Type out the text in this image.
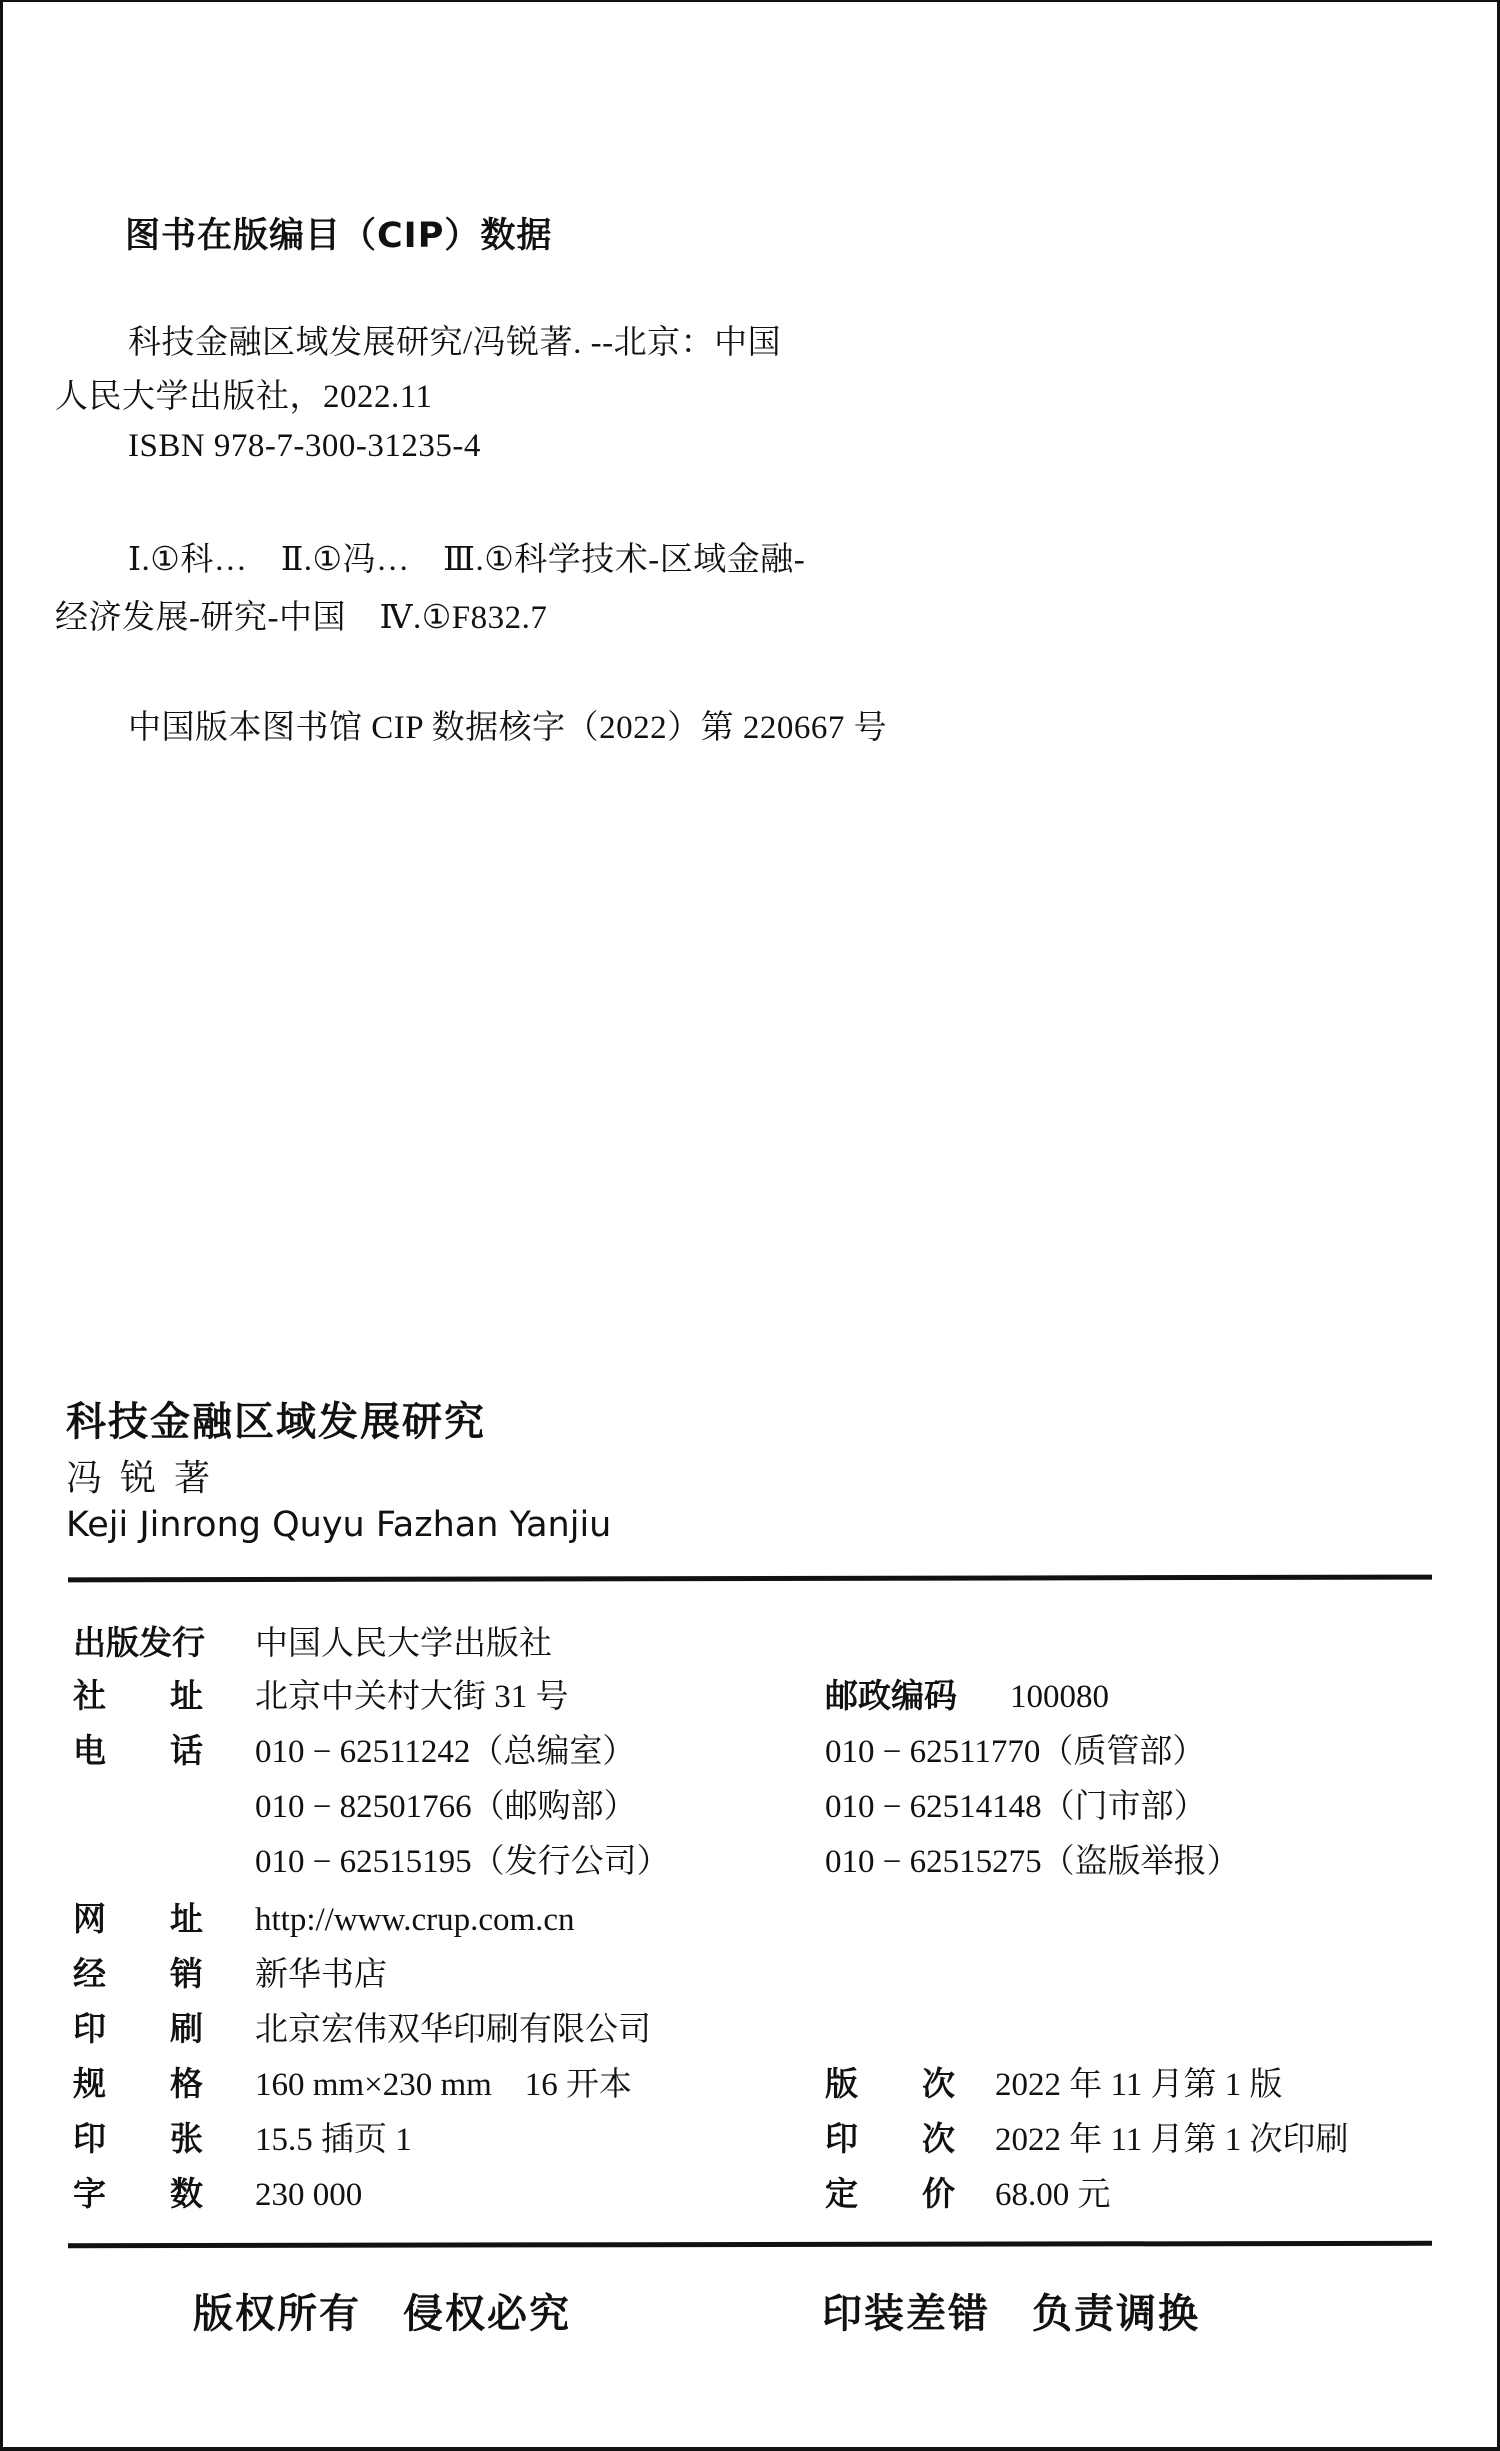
图书在版编目（CIP）数据
科技金融区域发展研究/冯锐著. --北京：中国
人民大学出版社，2022.11
ISBN 978-7-300-31235-4
Ⅰ.①科…　Ⅱ.①冯…　Ⅲ.①科学技术-区域金融-
经济发展-研究-中国　Ⅳ.①F832.7
中国版本图书馆 CIP 数据核字（2022）第 220667 号
科技金融区域发展研究
冯锐著
Keji Jinrong Quyu Fazhan Yanjiu
出 版 发 行 中国人民大学出版社
社 址 北京中关村大街 31 号
电 话 010 − 62511242（总编室）
010 − 82501766（邮购部）
010 − 62515195（发行公司）
网 址 http://www.crup.com.cn
经 销 新华书店
印 刷 北京宏伟双华印刷有限公司
规 格 160 mm×230 mm　16 开本
印 张 15.5 插页 1
字 数 230 000
邮 政 编 码 100080
010 − 62511770（质管部）
010 − 62514148（门市部）
010 − 62515275（盗版举报）
版 次 2022 年 11 月第 1 版
印 次 2022 年 11 月第 1 次印刷
定 价 68.00 元
版权所有　侵权必究	印装差错　负责调换
